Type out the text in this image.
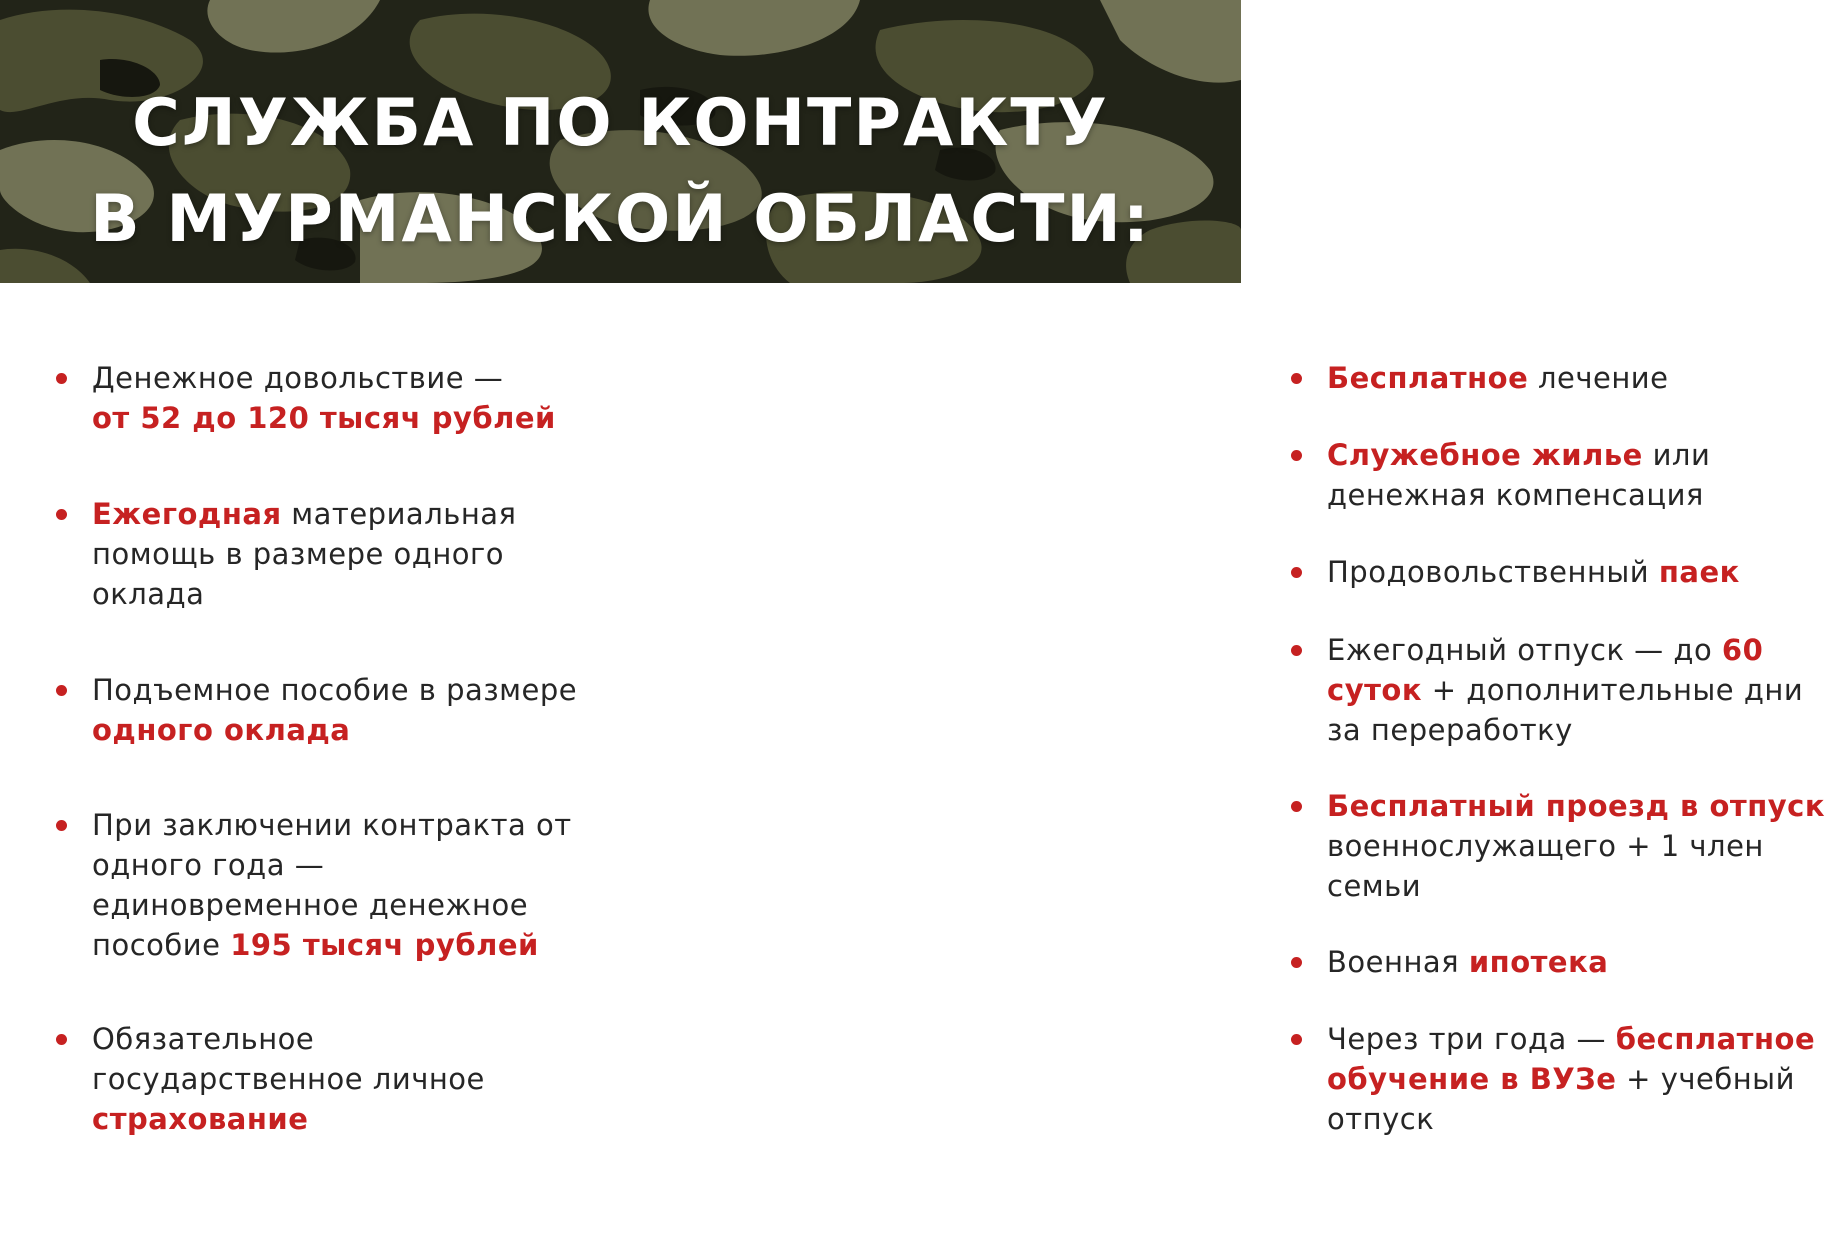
СЛУЖБА ПО КОНТРАКТУ
В МУРМАНСКОЙ ОБЛАСТИ:
Денежное довольствие —
от 52 до 120 тысяч рублей
Ежегодная материальная помощь в размере одного оклада
Подъемное пособие в размере одного оклада
При заключении контракта от одного года — единовременное денежное пособие 195 тысяч рублей
Обязательное государственное личное страхование
Бесплатное лечение
Служебное жилье или денежная компенсация
Продовольственный паек
Ежегодный отпуск — до 60 суток + дополнительные дни за переработку
Бесплатный проезд в отпуск военнослужащего + 1 член семьи
Военная ипотека
Через три года — бесплатное обучение в ВУЗе + учебный отпуск
